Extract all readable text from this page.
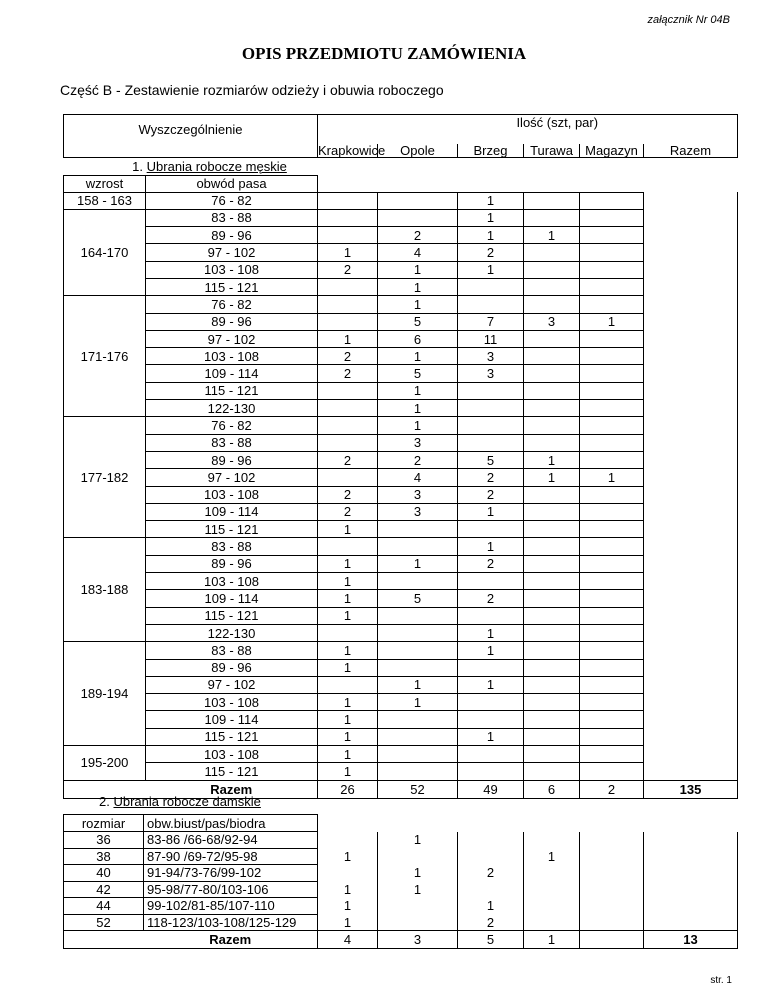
załącznik Nr 04B
OPIS PRZEDMIOTU ZAMÓWIENIA
Część B - Zestawienie rozmiarów odzieży i obuwia roboczego
Wyszczególnienie			Ilość (szt, par)				
		Krapkowice	Opole	Brzeg	Turawa	Magazyn	Razem
1. Ubrania robocze męskie							
wzrost	obwód pasa						
158 - 163	76 - 82			1			
164-170	83 - 88			1			
	89 - 96		2	1	1		
	97 - 102	1	4	2			
	103 - 108	2	1	1			
	115 - 121		1				
171-176	76 - 82		1				
	89 - 96		5	7	3	1	
	97 - 102	1	6	11			
	103 - 108	2	1	3			
	109 - 114	2	5	3			
	115 - 121		1				
	122-130		1				
177-182	76 - 82		1				
	83 - 88		3				
	89 - 96	2	2	5	1		
	97 - 102		4	2	1	1	
	103 - 108	2	3	2			
	109 - 114	2	3	1			
	115 - 121	1					
183-188	83 - 88			1			
	89 - 96	1	1	2			
	103 - 108	1					
	109 - 114	1	5	2			
	115 - 121	1					
	122-130			1			
189-194	83 - 88	1		1			
	89 - 96	1					
	97 - 102		1	1			
	103 - 108	1	1				
	109 - 114	1					
	115 - 121	1		1			
195-200	103 - 108	1					
	115 - 121	1					
	Razem	26	52	49	6	2	135
2. Ubrania robocze damskie
rozmiar	obw.biust/pas/biodra						
36	83-86 /66-68/92-94		1				
38	87-90 /69-72/95-98	1			1		
40	91-94/73-76/99-102		1	2			
42	95-98/77-80/103-106	1	1				
44	99-102/81-85/107-110	1		1			
52	118-123/103-108/125-129	1		2			
	Razem	4	3	5	1		13
str. 1
